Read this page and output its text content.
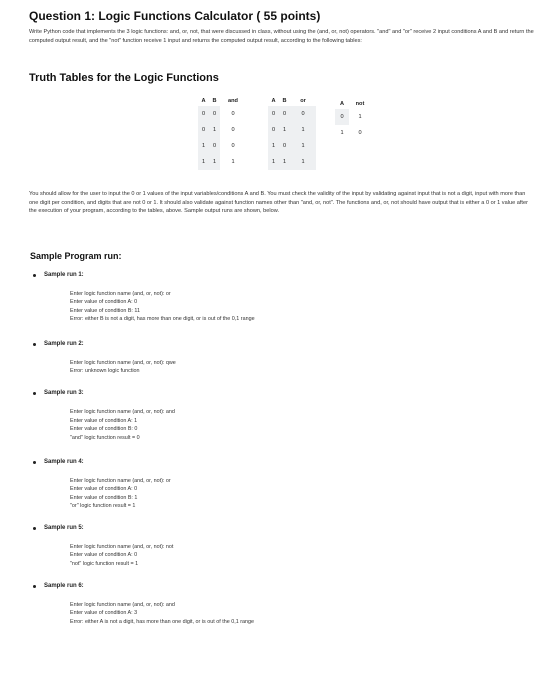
Question 1: Logic Functions Calculator ( 55 points)

Write Python code that implements the 3 logic functions: and, or, not, that were discussed in class, without using the (and, or, not) operators. "and" and "or" receive 2 input conditions A and B and return the computed output result, and the "not" function receive 1 input and returns the computed output result, according to the following tables:

Truth Tables for the Logic Functions
A	B	and
0	0	0
0	1	0
1	0	0
1	1	1
A	B	or
0	0	0
0	1	1
1	0	1
1	1	1
A	not
0	1
1	0

You should allow for the user to input the 0 or 1 values of the input variables/conditions A and B. You must check the validity of the input by validating against input that is not a digit, input with more than one digit per condition, and digits that are not 0 or 1. It should also validate against function names other than "and, or, not". The functions and, or, not should have output that is either a 0 or 1 value after the execution of your program, according to the tables, above. Sample output runs are shown, below.

Sample Program run:
Sample run 1:
Enter logic function name (and, or, not): or
Enter value of condition A: 0
Enter value of condition B: 11
Error: either B is not a digit, has more than one digit, or is out of the 0,1 range
Sample run 2:
Enter logic function name (and, or, not): qwe
Error: unknown logic function
Sample run 3:
Enter logic function name (and, or, not): and
Enter value of condition A: 1
Enter value of condition B: 0
"and" logic function result = 0
Sample run 4:
Enter logic function name (and, or, not): or
Enter value of condition A: 0
Enter value of condition B: 1
"or" logic function result = 1
Sample run 5:
Enter logic function name (and, or, not): not
Enter value of condition A: 0
"not" logic function result = 1
Sample run 6:
Enter logic function name (and, or, not): and
Enter value of condition A: 3
Error: either A is not a digit, has more than one digit, or is out of the 0,1 range
